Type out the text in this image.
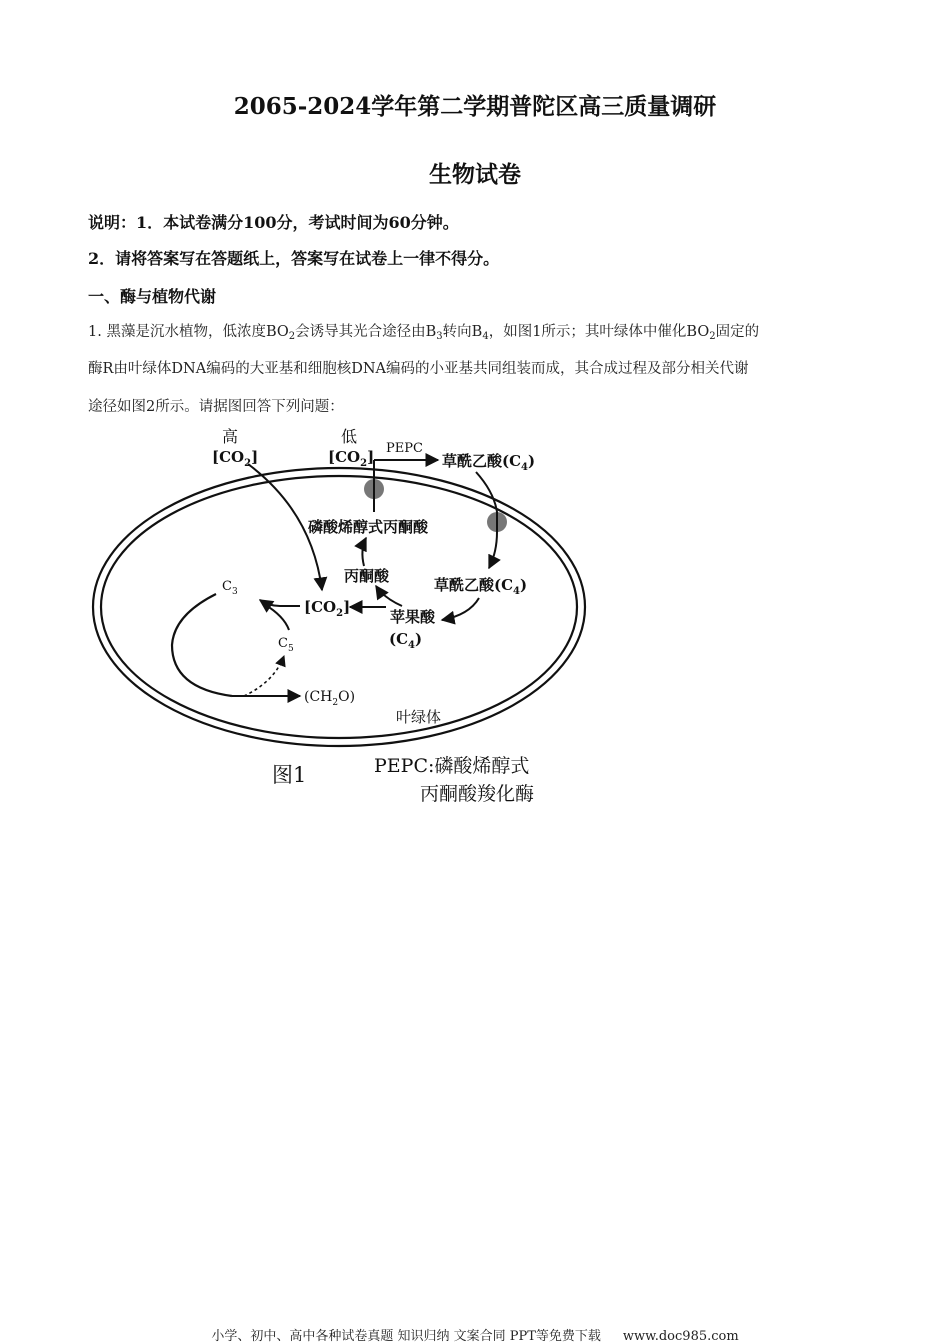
2065-2024学年第二学期普陀区高三质量调研
生物试卷
说明：1．本试卷满分100分，考试时间为60分钟。
2．请将答案写在答题纸上，答案写在试卷上一律不得分。
一、酶与植物代谢
1. 黑藻是沉水植物，低浓度$BO_2$会诱导其光合途径由$B_3$转向$B_4$，如图1所示；其叶绿体中催化$BO_2$固定的
酶R由叶绿体DNA编码的大亚基和细胞核DNA编码的小亚基共同组装而成，其合成过程及部分相关代谢
途径如图2所示。请据图回答下列问题：
高
$[CO_2]$
低
$[CO_2]$ PEPC
草酰乙酸$(C_4)$
磷酸烯醇式丙酮酸
草酰乙酸$(C_4)$
苹果酸
$(C_4)$
丙酮酸
$[CO_2]$
$C_3$
$C_5$
$(CH_2O)$
叶绿体
图1	PEPC:磷酸烯醇式
丙酮酸羧化酶
小学、初中、高中各种试卷真题 知识归纳 文案合同 PPT等免费下载 www.doc985.com
